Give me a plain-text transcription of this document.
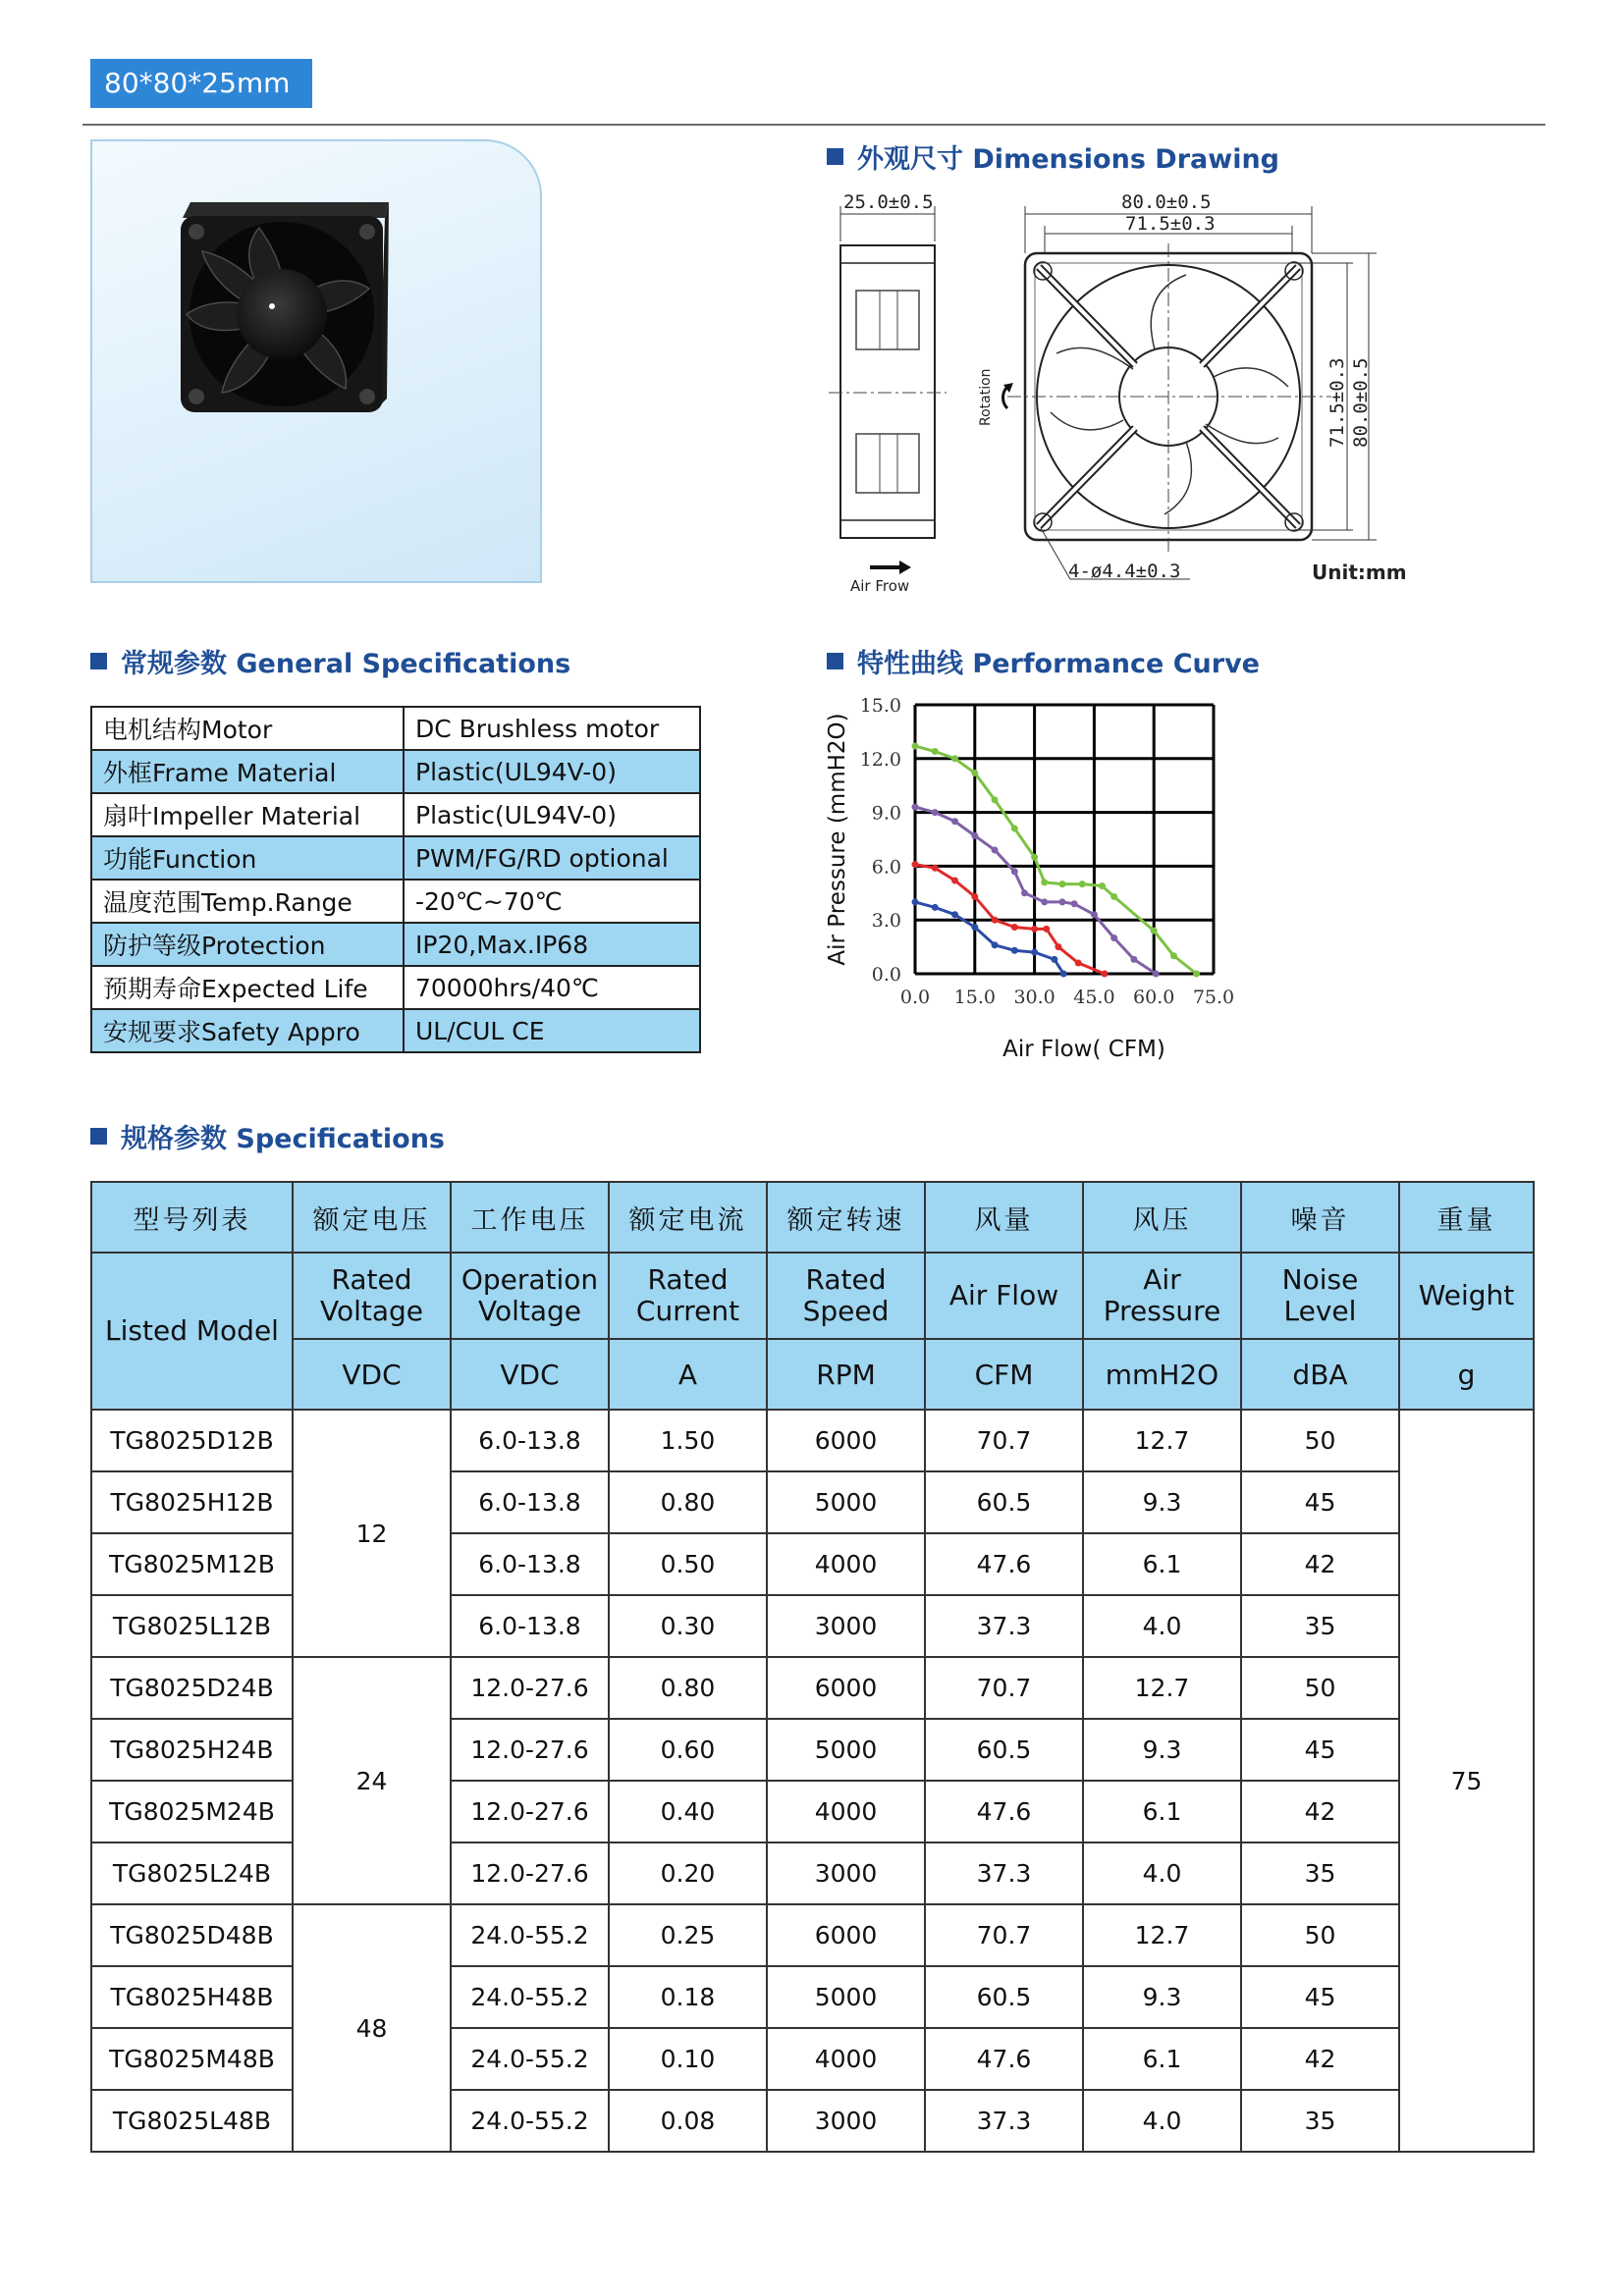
80*80*25mm
外观尺寸 Dimensions Drawing
25.0±0.5
Air Frow
80.0±0.5
71.5±0.3
Rotation	71.5±0.3 80.0±0.5
4-ø4.4±0.3	Unit:mm
常规参数 General Specifications
电机结构Motor	DC Brushless motor
外框Frame Material	Plastic(UL94V-0)
扇叶Impeller Material	Plastic(UL94V-0)
功能Function	PWM/FG/RD optional
温度范围Temp.Range	-20℃~70℃
防护等级Protection	IP20,Max.IP68
预期寿命Expected Life	70000hrs/40℃
安规要求Safety Appro	UL/CUL CE
特性曲线 Performance Curve
0.0 15.0 30.0 45.0 60.0 75.0
0.0
3.0
6.0
9.0
12.0
15.0
Air Flow( CFM)
Air Pressure (mmH2O)
规格参数 Specifications
型号列表	额定电压	工作电压	额定电流	额定转速	风量	风压	噪音	重量
Listed Model	Rated Voltage	Operation Voltage	Rated Current	Rated Speed	Air Flow	Air Pressure	Noise Level	Weight
	VDC	VDC	A	RPM	CFM	mmH2O	dBA	g
TG8025D12B	12	6.0-13.8	1.50	6000	70.7	12.7	50	75
TG8025H12B		6.0-13.8	0.80	5000	60.5	9.3	45	
TG8025M12B		6.0-13.8	0.50	4000	47.6	6.1	42	
TG8025L12B		6.0-13.8	0.30	3000	37.3	4.0	35	
TG8025D24B	24	12.0-27.6	0.80	6000	70.7	12.7	50	
TG8025H24B		12.0-27.6	0.60	5000	60.5	9.3	45	
TG8025M24B		12.0-27.6	0.40	4000	47.6	6.1	42	
TG8025L24B		12.0-27.6	0.20	3000	37.3	4.0	35	
TG8025D48B	48	24.0-55.2	0.25	6000	70.7	12.7	50	
TG8025H48B		24.0-55.2	0.18	5000	60.5	9.3	45	
TG8025M48B		24.0-55.2	0.10	4000	47.6	6.1	42	
TG8025L48B		24.0-55.2	0.08	3000	37.3	4.0	35	
